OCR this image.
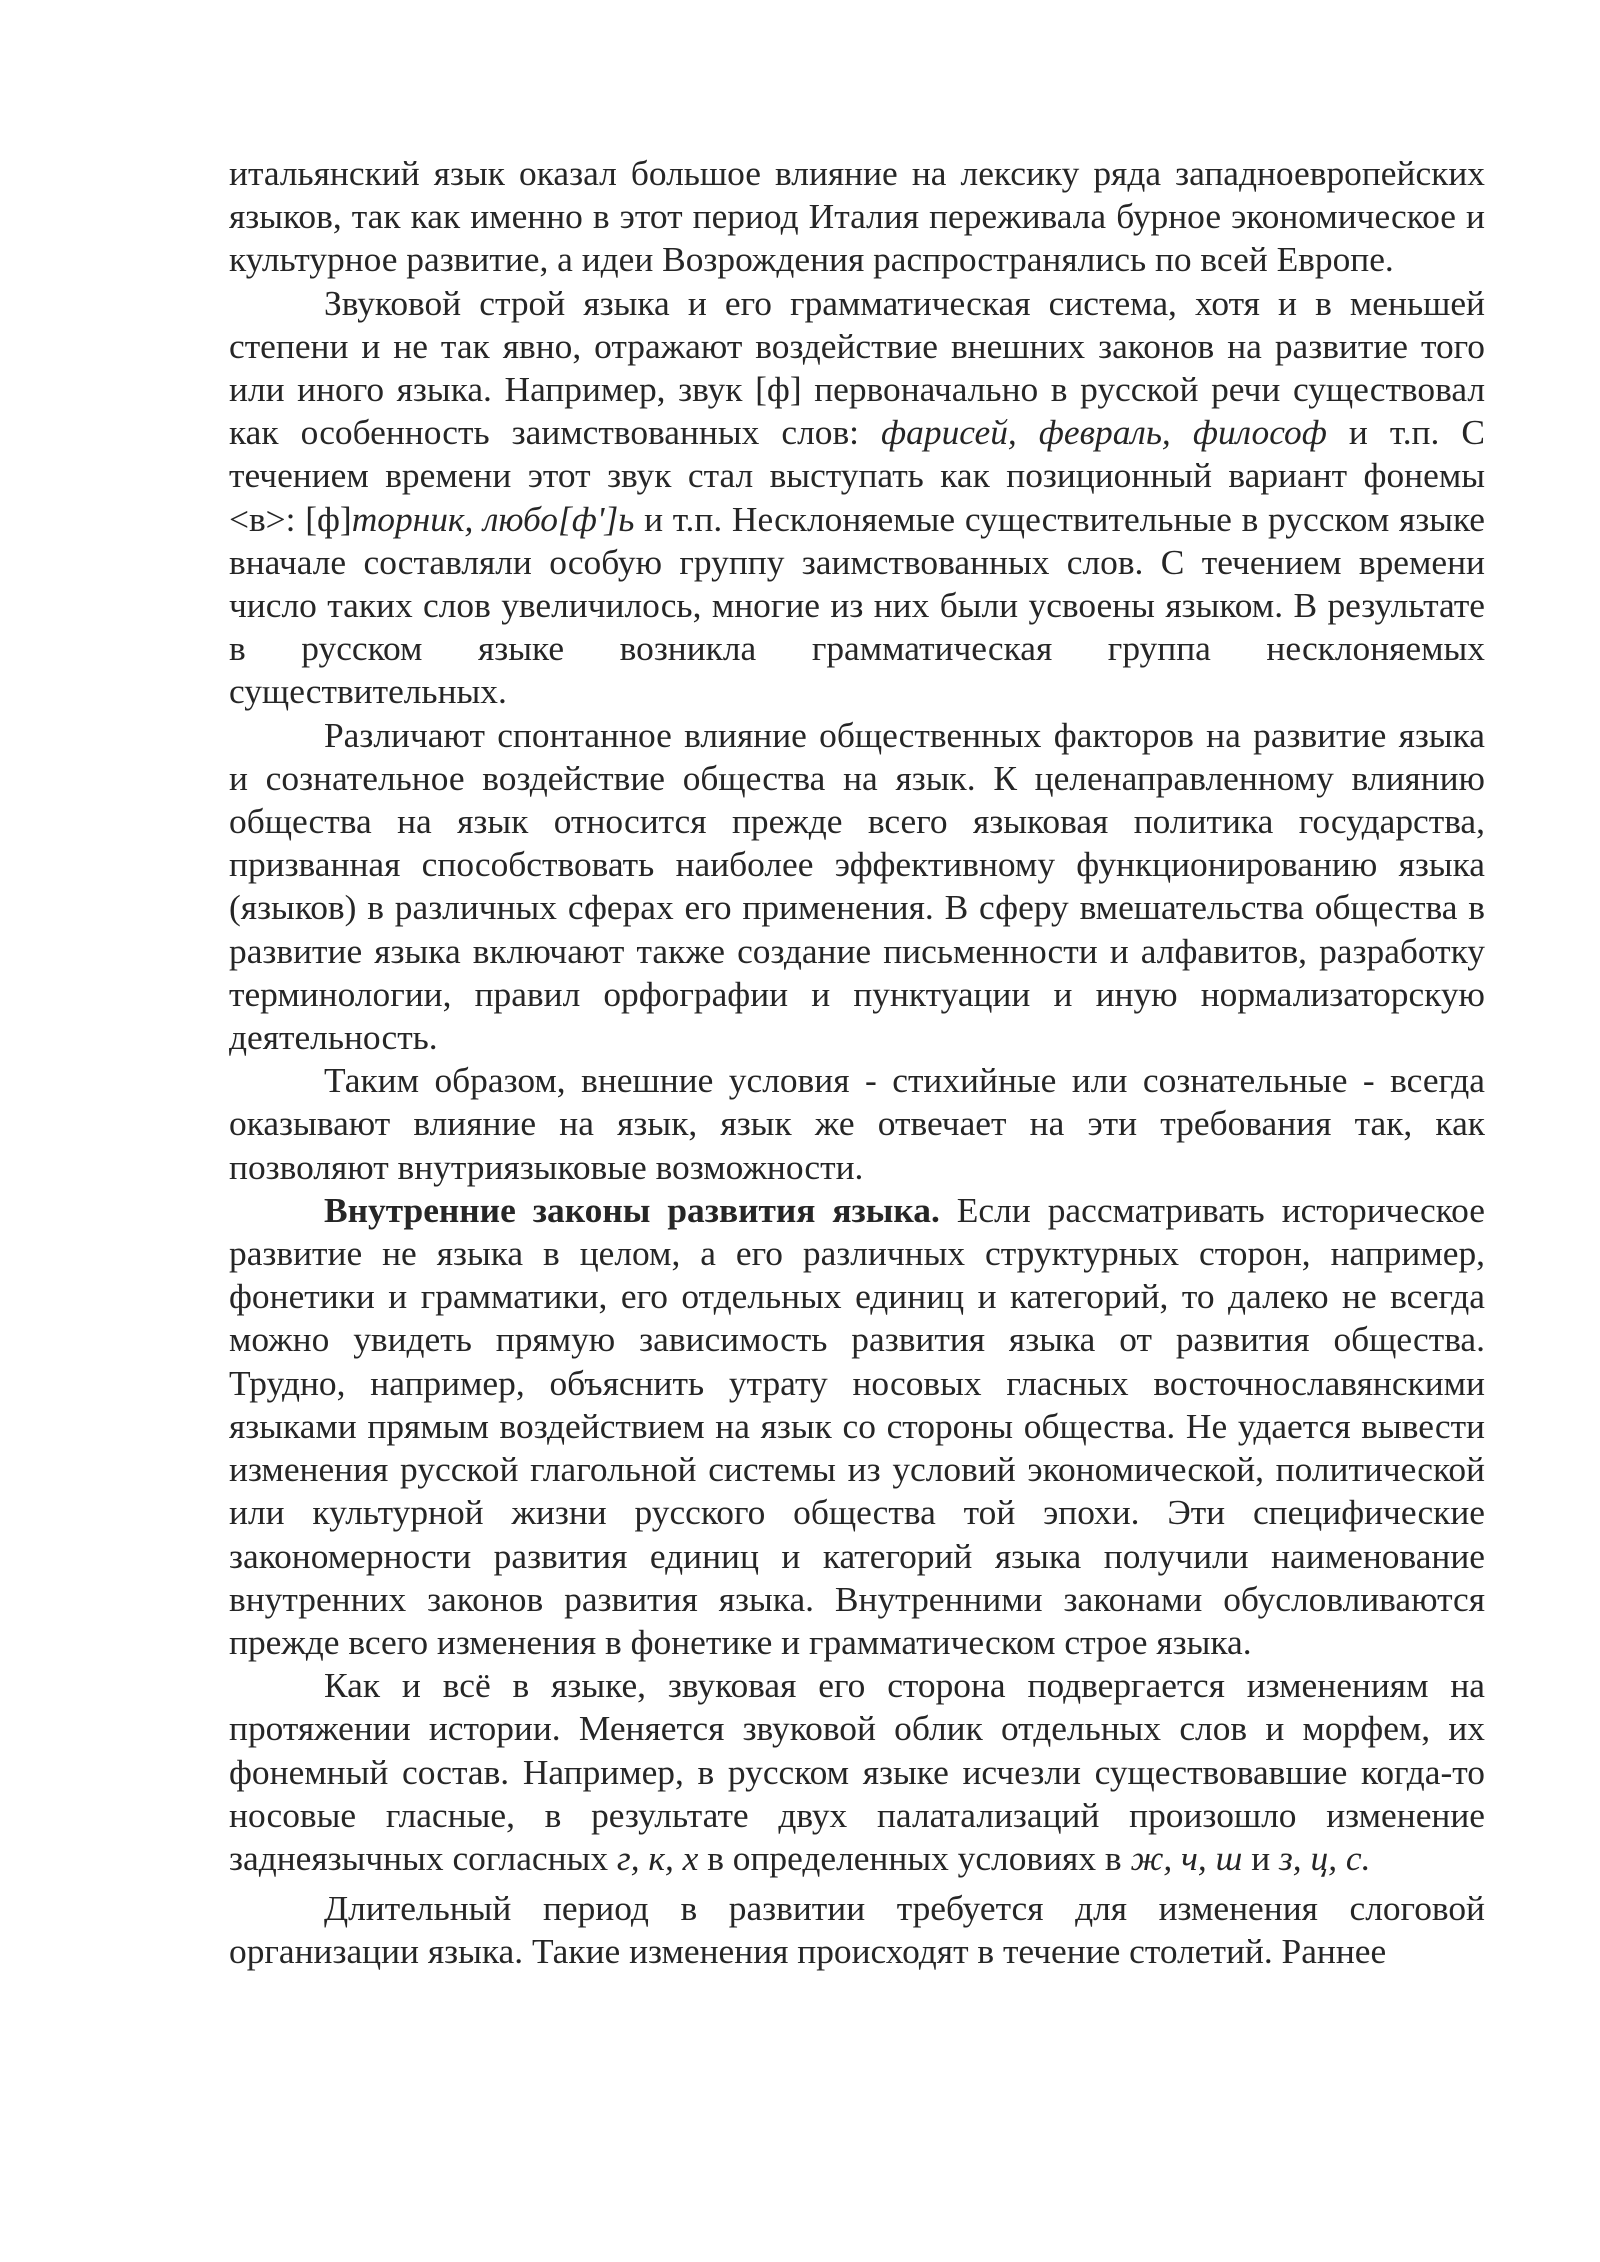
итальянский язык оказал большое влияние на лексику ряда западноевропейских языков, так как именно в этот период Италия переживала бурное экономическое и культурное развитие, а идеи Возрождения распространялись по всей Европе.

Звуковой строй языка и его грамматическая система, хотя и в меньшей степени и не так явно, отражают воздействие внешних законов на развитие того или иного языка. Например, звук [ф] первоначально в русской речи существовал как особенность заимствованных слов: фарисей, февраль, философ и т.п. С течением времени этот звук стал выступать как позиционный вариант фонемы <в>: [ф]торник, любо[ф']ь и т.п. Несклоняемые существительные в русском языке вначале составляли особую группу заимствованных слов. С течением времени число таких слов увеличилось, многие из них были усвоены языком. В результате в русском языке возникла грамматическая группа несклоняемых существительных.

Различают спонтанное влияние общественных факторов на развитие языка и сознательное воздействие общества на язык. К целенаправленному влиянию общества на язык относится прежде всего языковая политика государства, призванная способствовать наиболее эффективному функционированию языка (языков) в различных сферах его применения. В сферу вмешательства общества в развитие языка включают также создание письменности и алфавитов, разработку терминологии, правил орфографии и пунктуации и иную нормализаторскую деятельность.

Таким образом, внешние условия - стихийные или сознательные - всегда оказывают влияние на язык, язык же отвечает на эти требования так, как позволяют внутриязыковые возможности.

Внутренние законы развития языка. Если рассматривать историческое развитие не языка в целом, а его различных структурных сторон, например, фонетики и грамматики, его отдельных единиц и категорий, то далеко не всегда можно увидеть прямую зависимость развития языка от развития общества. Трудно, например, объяснить утрату носовых гласных восточнославянскими языками прямым воздействием на язык со стороны общества. Не удается вывести изменения русской глагольной системы из условий экономической, политической или культурной жизни русского общества той эпохи. Эти специфические закономерности развития единиц и категорий языка получили наименование внутренних законов развития языка. Внутренними законами обусловливаются прежде всего изменения в фонетике и грамматическом строе языка.

Как и всё в языке, звуковая его сторона подвергается изменениям на протяжении истории. Меняется звуковой облик отдельных слов и морфем, их фонемный состав. Например, в русском языке исчезли существовавшие когда-то носовые гласные, в результате двух палатализаций произошло изменение заднеязычных согласных г, к, х в определенных условиях в ж, ч, ш и з, ц, с.

Длительный период в развитии требуется для изменения слоговой организации языка. Такие изменения происходят в течение столетий. Раннее
